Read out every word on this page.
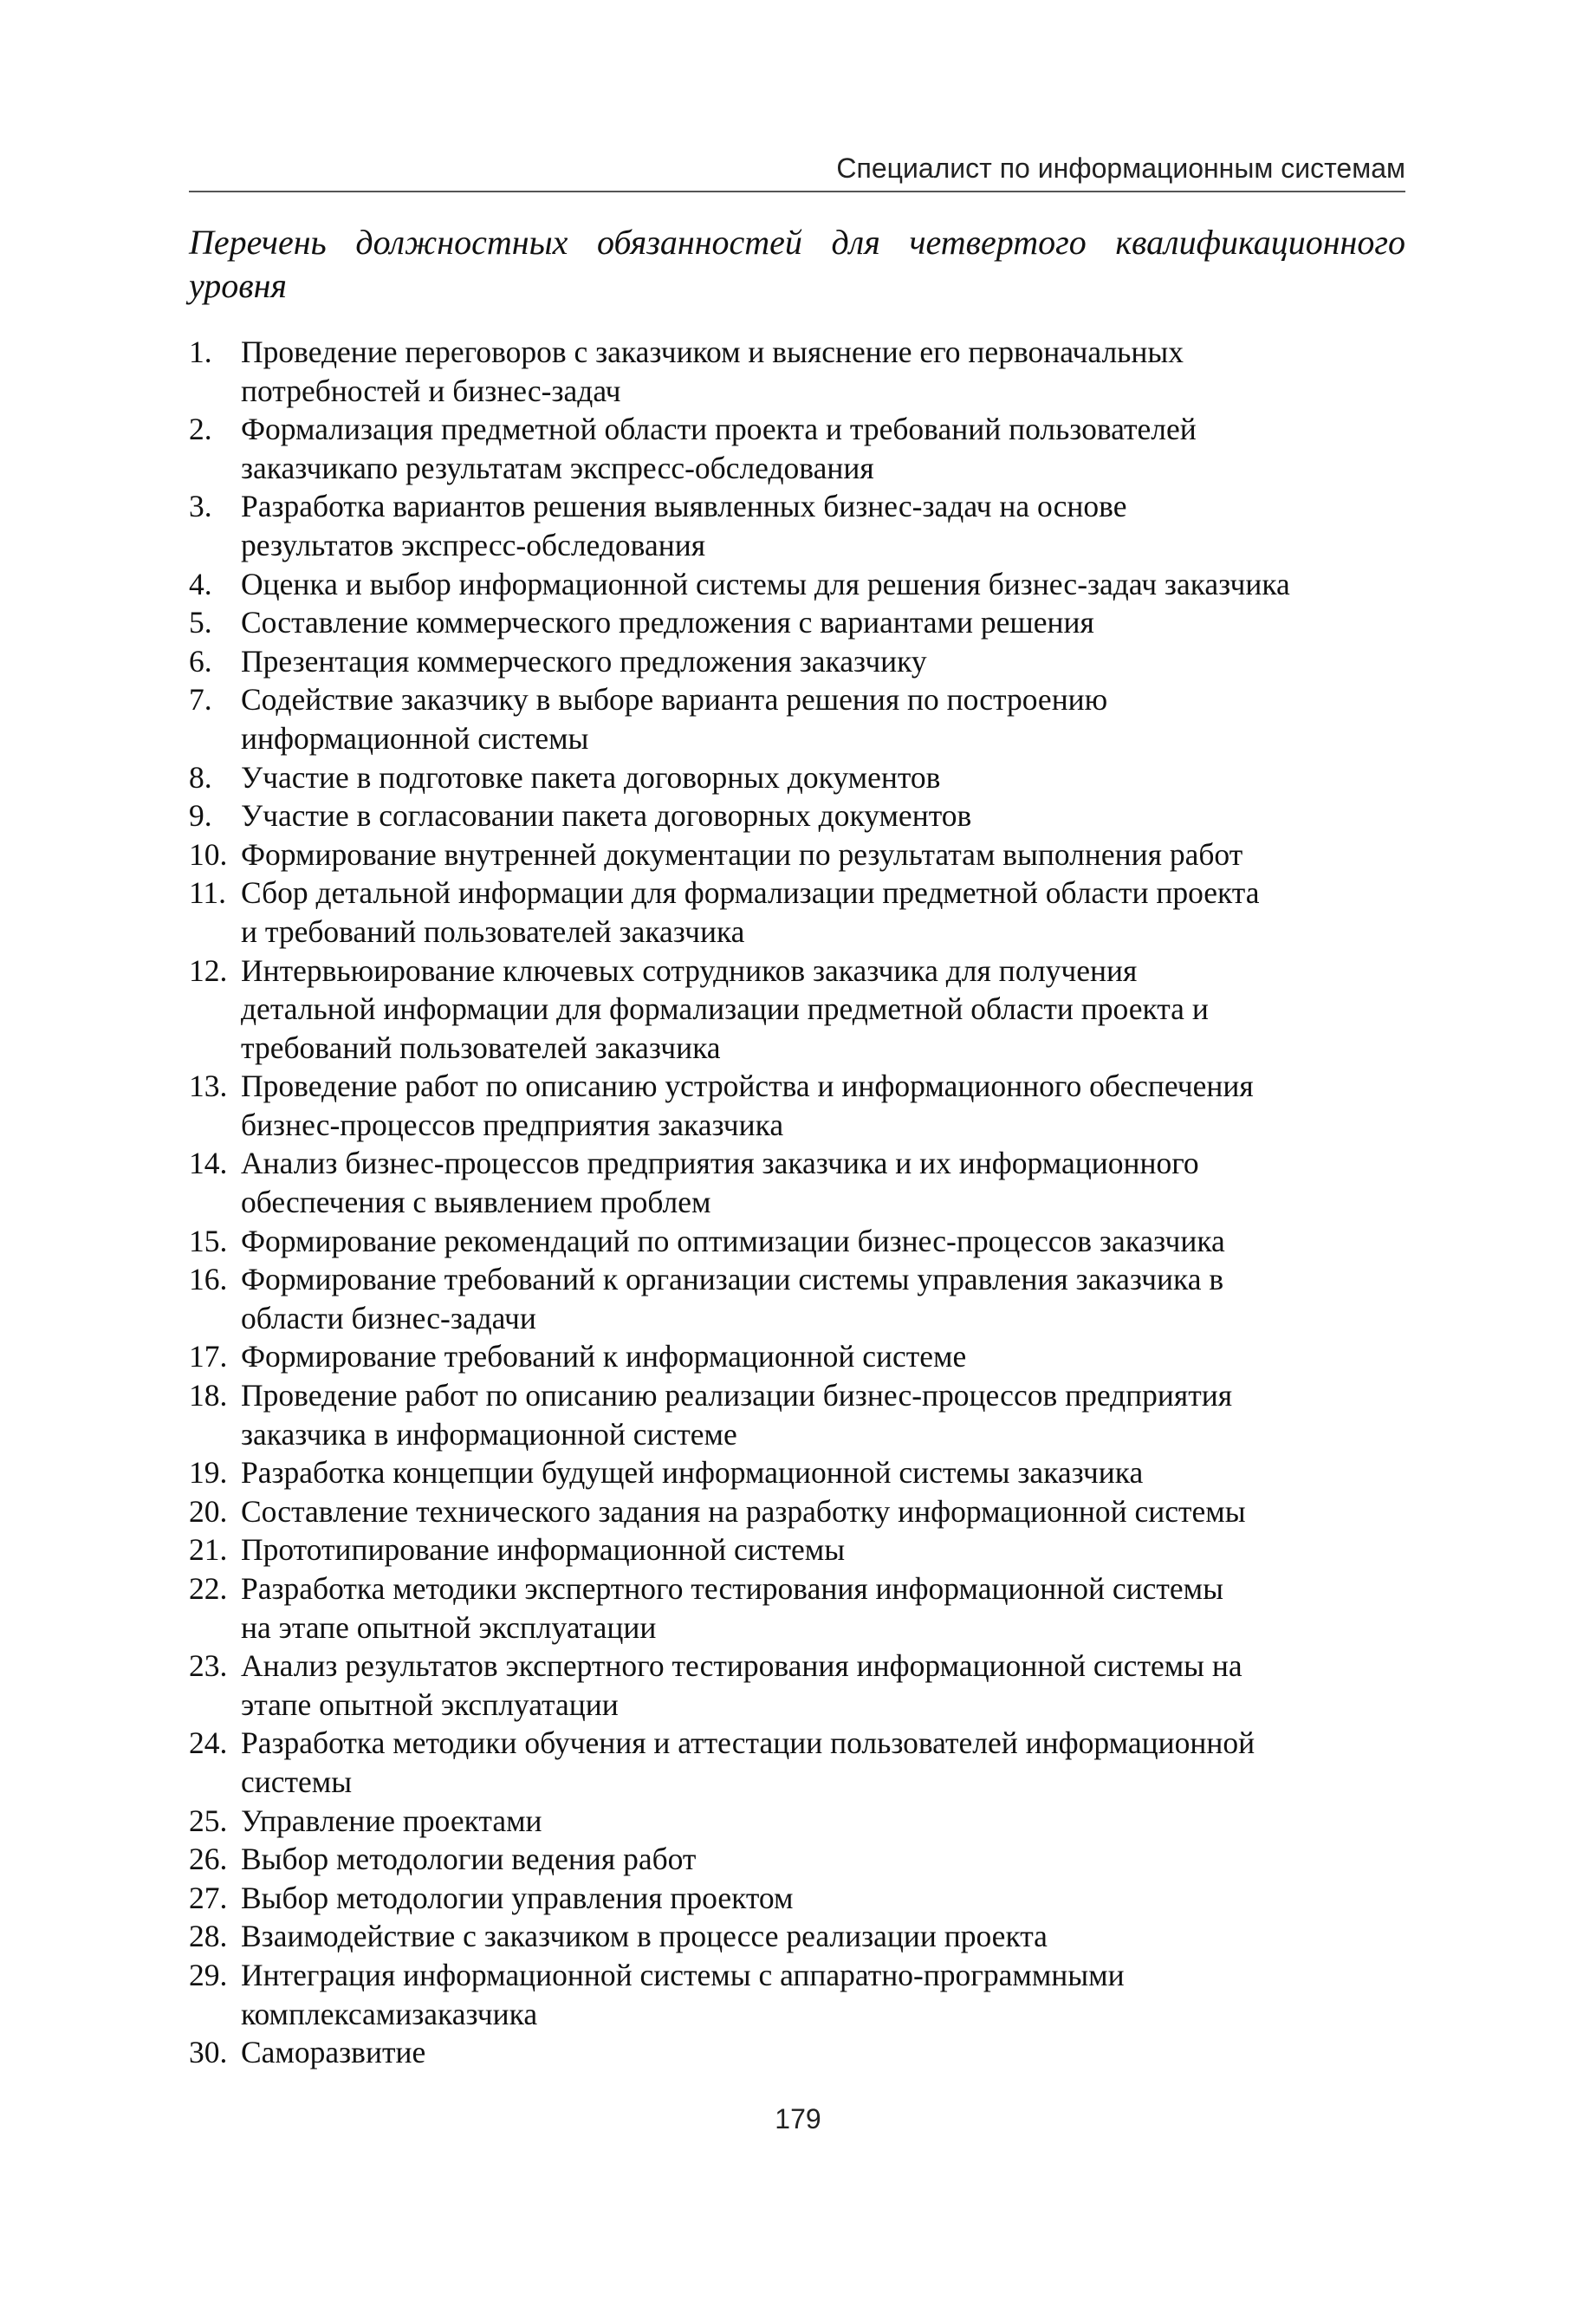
Специалист по информационным системам
Перечень должностных обязанностей для четвертого квалификационного уровня
1. Проведение переговоров с заказчиком и выяснение его первоначальных
потребностей и бизнес-задач
2. Формализация предметной области проекта и требований пользователей
заказчикапо результатам экспресс-обследования
3. Разработка вариантов решения выявленных бизнес-задач на основе
результатов экспресс-обследования
4. Оценка и выбор информационной системы для решения бизнес-задач заказчика
5. Составление коммерческого предложения с вариантами решения
6. Презентация коммерческого предложения заказчику
7. Содействие заказчику в выборе варианта решения по построению
информационной системы
8. Участие в подготовке пакета договорных документов
9. Участие в согласовании пакета договорных документов
10. Формирование внутренней документации по результатам выполнения работ
11. Сбор детальной информации для формализации предметной области проекта
и требований пользователей заказчика
12. Интервьюирование ключевых сотрудников заказчика для получения
детальной информации для формализации предметной области проекта и
требований пользователей заказчика
13. Проведение работ по описанию устройства и информационного обеспечения
бизнес-процессов предприятия заказчика
14. Анализ бизнес-процессов предприятия заказчика и их информационного
обеспечения с выявлением проблем
15. Формирование рекомендаций по оптимизации бизнес-процессов заказчика
16. Формирование требований к организации системы управления заказчика в
области бизнес-задачи
17. Формирование требований к информационной системе
18. Проведение работ по описанию реализации бизнес-процессов предприятия
заказчика в информационной системе
19. Разработка концепции будущей информационной системы заказчика
20. Составление технического задания на разработку информационной системы
21. Прототипирование информационной системы
22. Разработка методики экспертного тестирования информационной системы
на этапе опытной эксплуатации
23. Анализ результатов экспертного тестирования информационной системы на
этапе опытной эксплуатации
24. Разработка методики обучения и аттестации пользователей информационной
системы
25. Управление проектами
26. Выбор методологии ведения работ
27. Выбор методологии управления проектом
28. Взаимодействие с заказчиком в процессе реализации проекта
29. Интеграция информационной системы с аппаратно-программными
комплексамизаказчика
30. Саморазвитие
179
